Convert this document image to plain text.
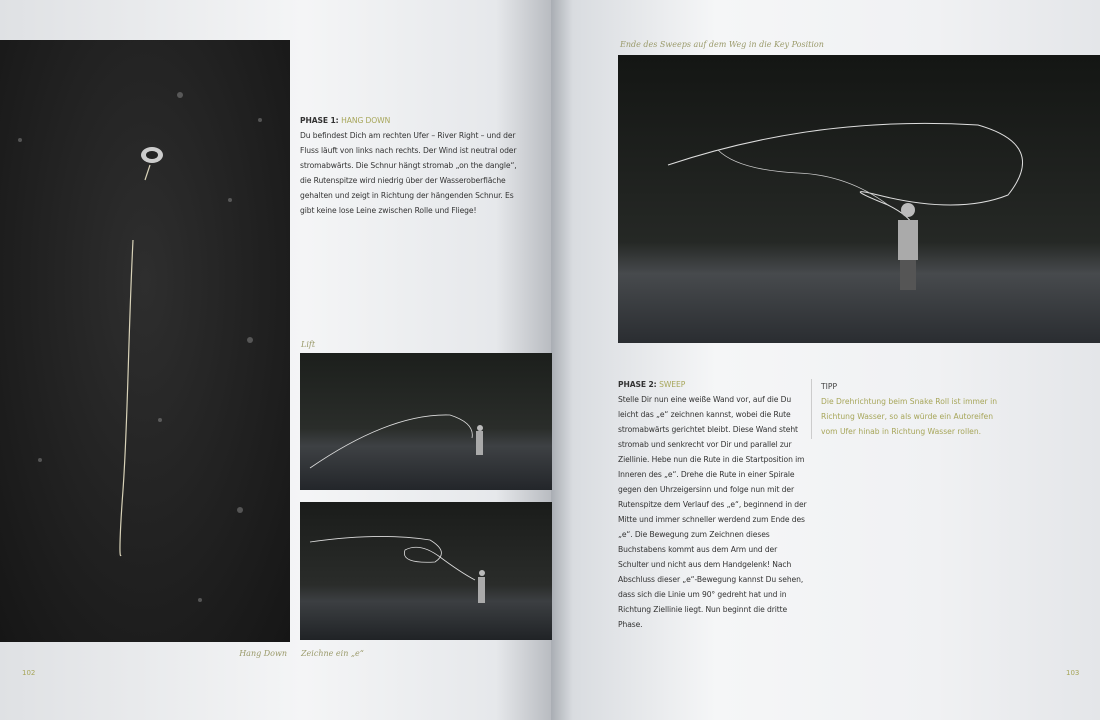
PHASE 1: HANG DOWN
Du befindest Dich am rechten Ufer – River Right – und der Fluss läuft von links nach rechts. Der Wind ist neutral oder stromabwärts. Die Schnur hängt stromab „on the dangle“, die Rutenspitze wird niedrig über der Wasseroberfläche gehalten und zeigt in Richtung der hängenden Schnur. Es gibt keine lose Leine zwischen Rolle und Fliege!
Lift
Hang Down Zeichne ein „e“
102
Ende des Sweeps auf dem Weg in die Key Position
PHASE 2: SWEEP
Stelle Dir nun eine weiße Wand vor, auf die Du leicht das „e“ zeichnen kannst, wobei die Rute stromabwärts gerichtet bleibt. Diese Wand steht stromab und senkrecht vor Dir und parallel zur Ziellinie. Hebe nun die Rute in die Startposition im Inneren des „e“. Drehe die Rute in einer Spirale gegen den Uhrzeigersinn und folge nun mit der Rutenspitze dem Verlauf des „e“, beginnend in der Mitte und immer schneller werdend zum Ende des „e“. Die Bewegung zum Zeichnen dieses Buchstabens kommt aus dem Arm und der Schulter und nicht aus dem Handgelenk! Nach Abschluss dieser „e“-Bewegung kannst Du sehen, dass sich die Linie um 90° gedreht hat und in Richtung Ziellinie liegt. Nun beginnt die dritte Phase.
TIPP
Die Drehrichtung beim Snake Roll ist immer in Richtung Wasser, so als würde ein Autoreifen vom Ufer hinab in Richtung Wasser rollen.
103
